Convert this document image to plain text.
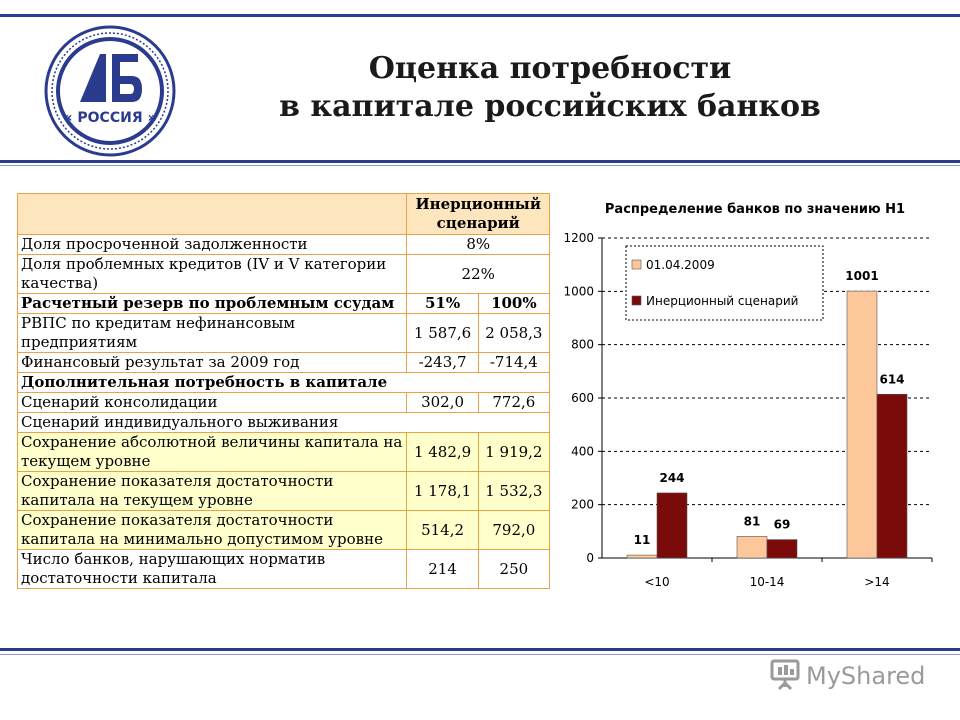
« РОССИЯ »
Оценка потребности
в капитале российских банков
	Инерционный сценарий	
Доля просроченной задолженности	8%	
Доля проблемных кредитов (IV и V категории качества)	22%	
Расчетный резерв по проблемным ссудам	51%	100%
РВПС по кредитам нефинансовым предприятиям	1 587,6	2 058,3
Финансовый результат за 2009 год	-243,7	-714,4
Дополнительная потребность в капитале		
Сценарий консолидации	302,0	772,6
Сценарий индивидуального выживания		
Сохранение абсолютной величины капитала на текущем уровне	1 482,9	1 919,2
Сохранение показателя достаточности капитала на текущем уровне	1 178,1	1 532,3
Сохранение показателя достаточности капитала на минимально допустимом уровне	514,2	792,0
Число банков, нарушающих норматив достаточности капитала	214	250
Распределение банков по значению Н1
0
200
400
600
800
1000
1200
<10
11
244
10-14
81 69
>14
1001
614
01.04.2009
Инерционный сценарий
MyShared
